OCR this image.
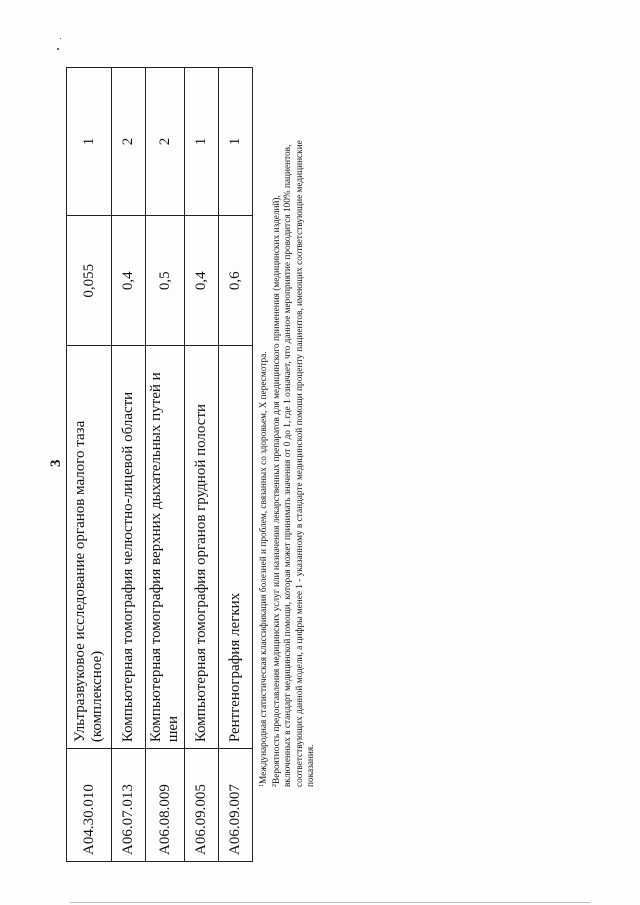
3
A04.30.010	Ультразвуковое исследование органов малого таза (комплексное)	0,055	1
A06.07.013	Компьютерная томография челюстно-лицевой области	0,4	2
A06.08.009	Компьютерная томография верхних дыхательных путей и шеи	0,5	2
A06.09.005	Компьютерная томография органов грудной полости	0,4	1
A06.09.007	Рентгенография легких	0,6	1

$^1$Международная статистическая классификация болезней и проблем, связанных со здоровьем, X пересмотра.

$^2$Вероятность предоставления медицинских услуг или назначения лекарственных препаратов для медицинского применения (медицинских изделий), включенных в стандарт медицинской помощи, которая может принимать значения от 0 до 1, где 1 означает, что данное мероприятие проводится 100% пациентов, соответствующих данной модели, а цифры менее 1 - указанному в стандарте медицинской помощи проценту пациентов, имеющих соответствующие медицинские показания.
